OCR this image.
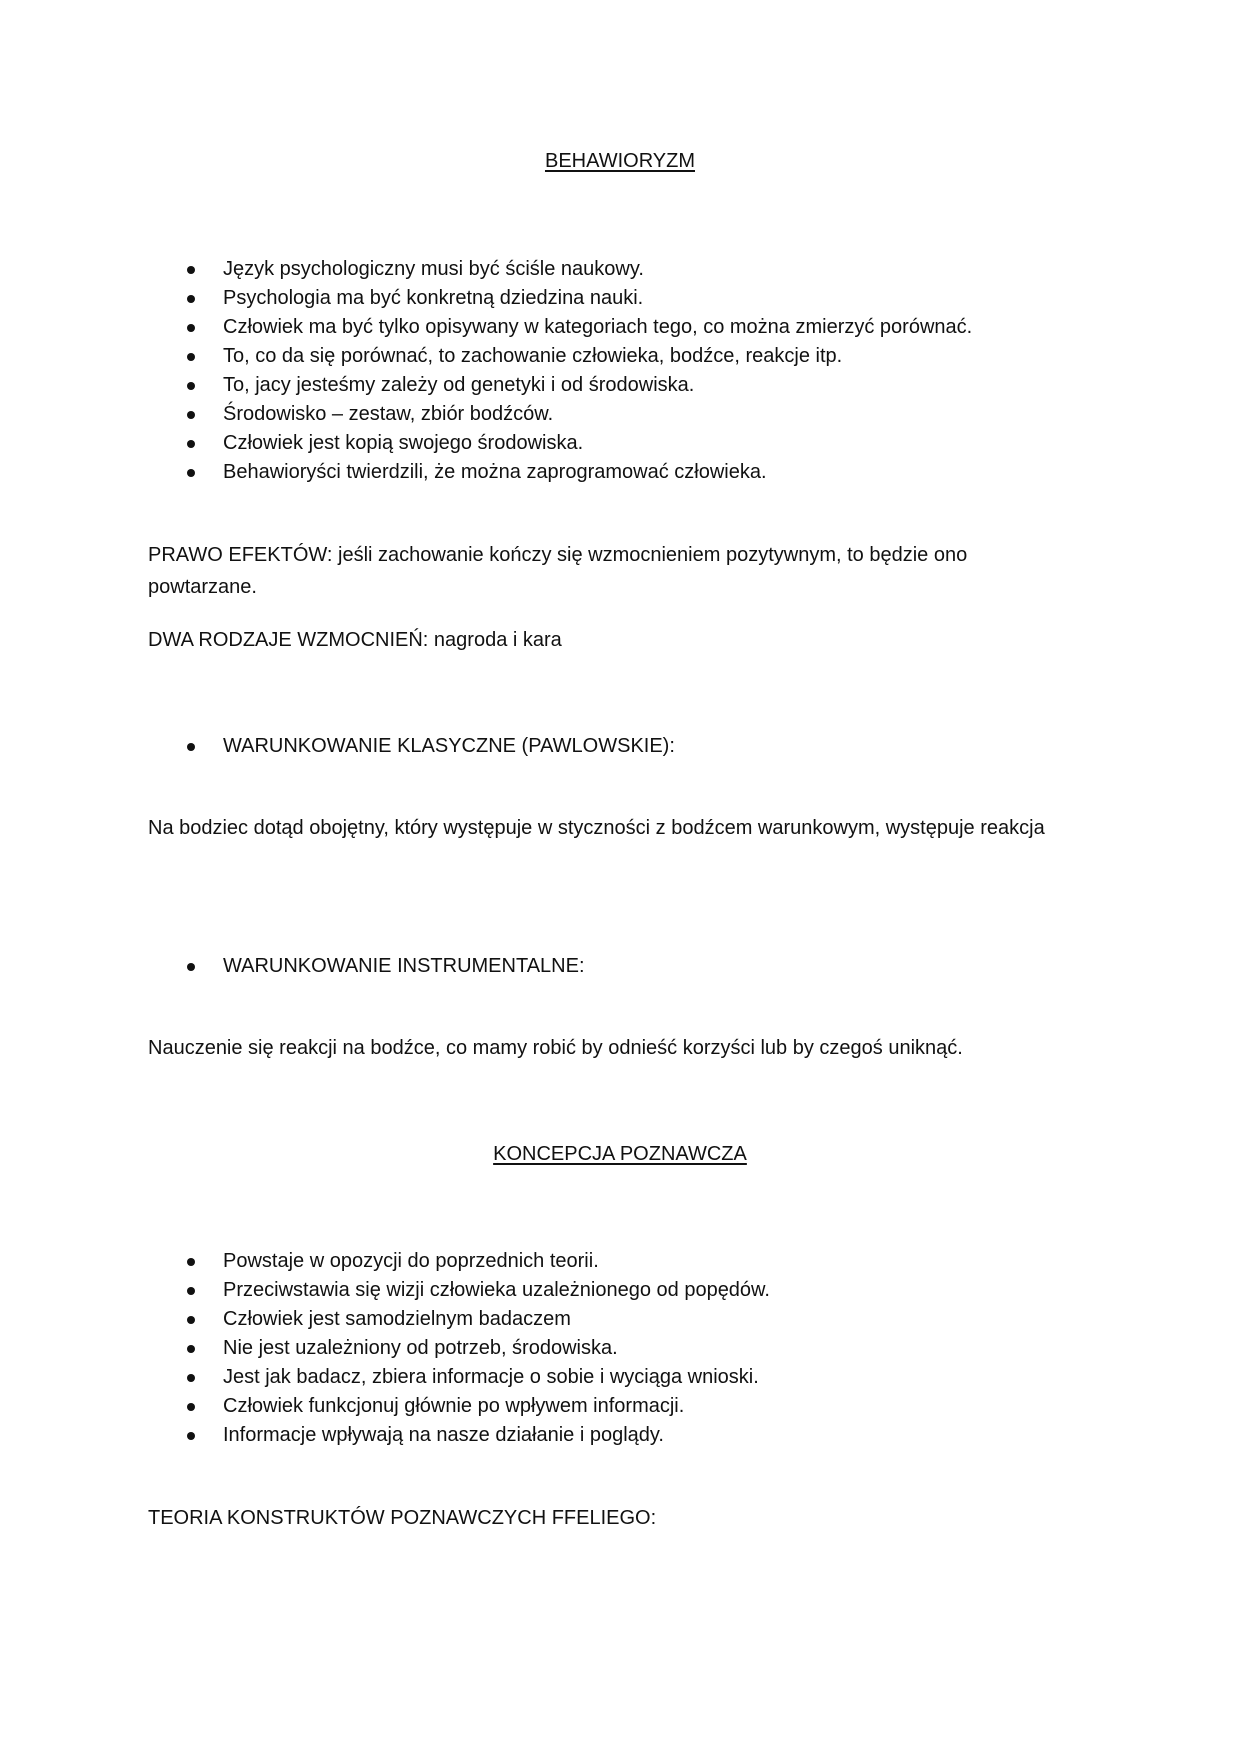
BEHAWIORYZM
Język psychologiczny musi być ściśle naukowy.
Psychologia ma być konkretną dziedzina nauki.
Człowiek ma być tylko opisywany w kategoriach tego, co można zmierzyć porównać.
To, co da się porównać, to zachowanie człowieka, bodźce, reakcje itp.
To, jacy jesteśmy zależy od genetyki i od środowiska.
Środowisko – zestaw, zbiór bodźców.
Człowiek jest kopią swojego środowiska.
Behawioryści twierdzili, że można zaprogramować człowieka.

PRAWO EFEKTÓW: jeśli zachowanie kończy się wzmocnieniem pozytywnym, to będzie ono powtarzane.

DWA RODZAJE WZMOCNIEŃ: nagroda i kara

WARUNKOWANIE KLASYCZNE (PAWLOWSKIE):

Na bodziec dotąd obojętny, który występuje w styczności z bodźcem warunkowym, występuje reakcja

WARUNKOWANIE INSTRUMENTALNE:

Nauczenie się reakcji na bodźce, co mamy robić by odnieść korzyści lub by czegoś uniknąć.

KONCEPCJA POZNAWCZA
Powstaje w opozycji do poprzednich teorii.
Przeciwstawia się wizji człowieka uzależnionego od popędów.
Człowiek jest samodzielnym badaczem
Nie jest uzależniony od potrzeb, środowiska.
Jest jak badacz, zbiera informacje o sobie i wyciąga wnioski.
Człowiek funkcjonuj głównie po wpływem informacji.
Informacje wpływają na nasze działanie i poglądy.

TEORIA KONSTRUKTÓW POZNAWCZYCH FFELIEGO:
